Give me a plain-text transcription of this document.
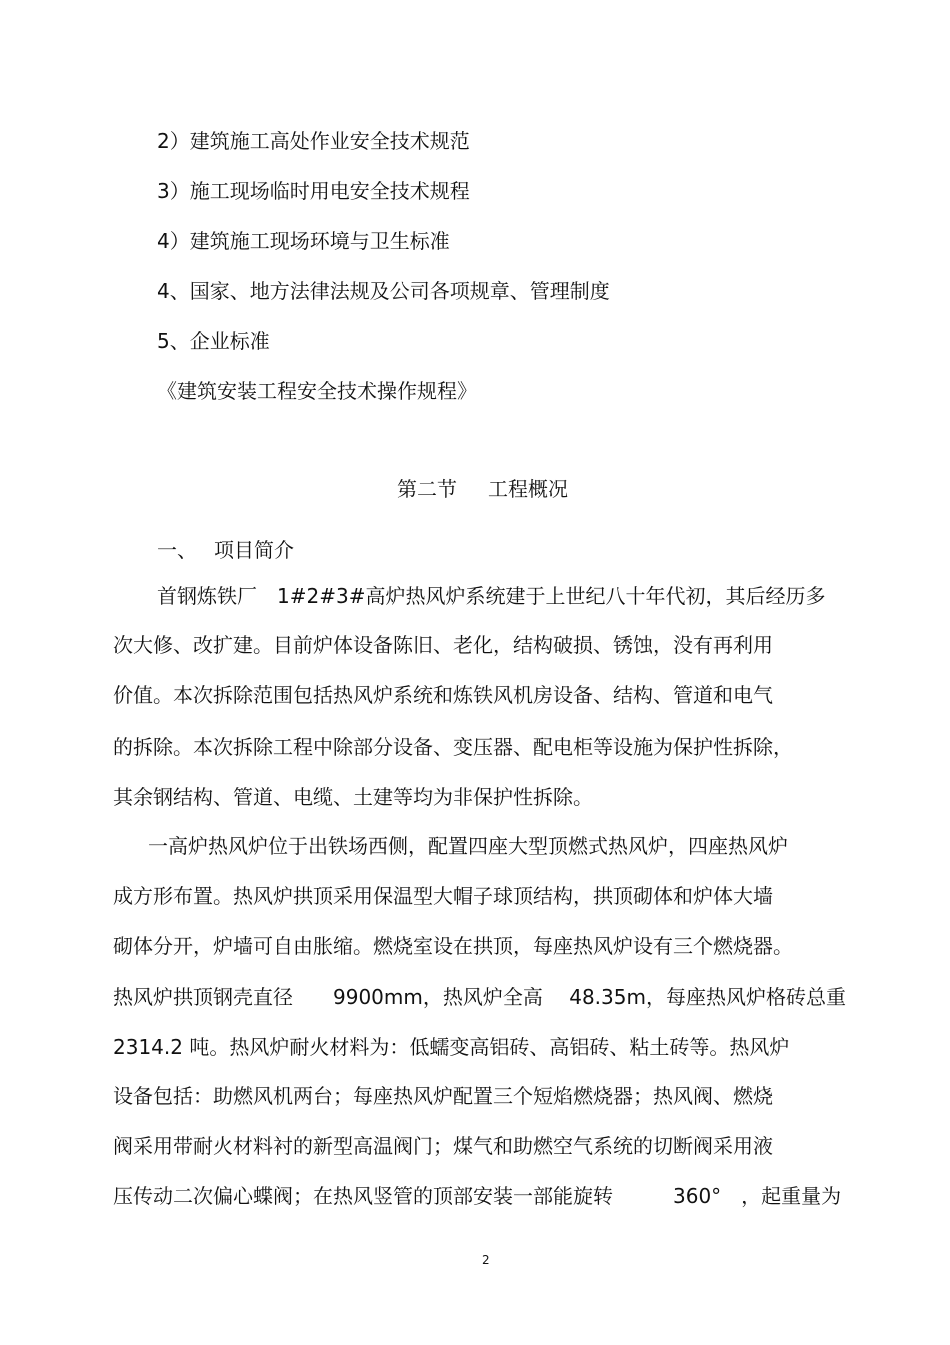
2）建筑施工高处作业安全技术规范
3）施工现场临时用电安全技术规程
4）建筑施工现场环境与卫生标准
4、国家、地方法律法规及公司各项规章、管理制度
5、企业标准
《建筑安装工程安全技术操作规程》
第二节 工程概况
一、 项目简介
首钢炼铁厂　1#2#3#高炉热风炉系统建于上世纪八十年代初，其后经历多
次大修、改扩建。目前炉体设备陈旧、老化，结构破损、锈蚀，没有再利用
价值。本次拆除范围包括热风炉系统和炼铁风机房设备、结构、管道和电气
的拆除。本次拆除工程中除部分设备、变压器、配电柜等设施为保护性拆除，
其余钢结构、管道、电缆、土建等均为非保护性拆除。
一高炉热风炉位于出铁场西侧，配置四座大型顶燃式热风炉，四座热风炉
成方形布置。热风炉拱顶采用保温型大帽子球顶结构，拱顶砌体和炉体大墙
砌体分开，炉墙可自由胀缩。燃烧室设在拱顶，每座热风炉设有三个燃烧器。
热风炉拱顶钢壳直径　　9900mm，热风炉全高　 48.35m，每座热风炉格砖总重
2314.2 吨。热风炉耐火材料为：低蠕变高铝砖、高铝砖、粘土砖等。热风炉
设备包括：助燃风机两台；每座热风炉配置三个短焰燃烧器；热风阀、燃烧
阀采用带耐火材料衬的新型高温阀门；煤气和助燃空气系统的切断阀采用液
压传动二次偏心蝶阀；在热风竖管的顶部安装一部能旋转　　　360°　，起重量为
2
